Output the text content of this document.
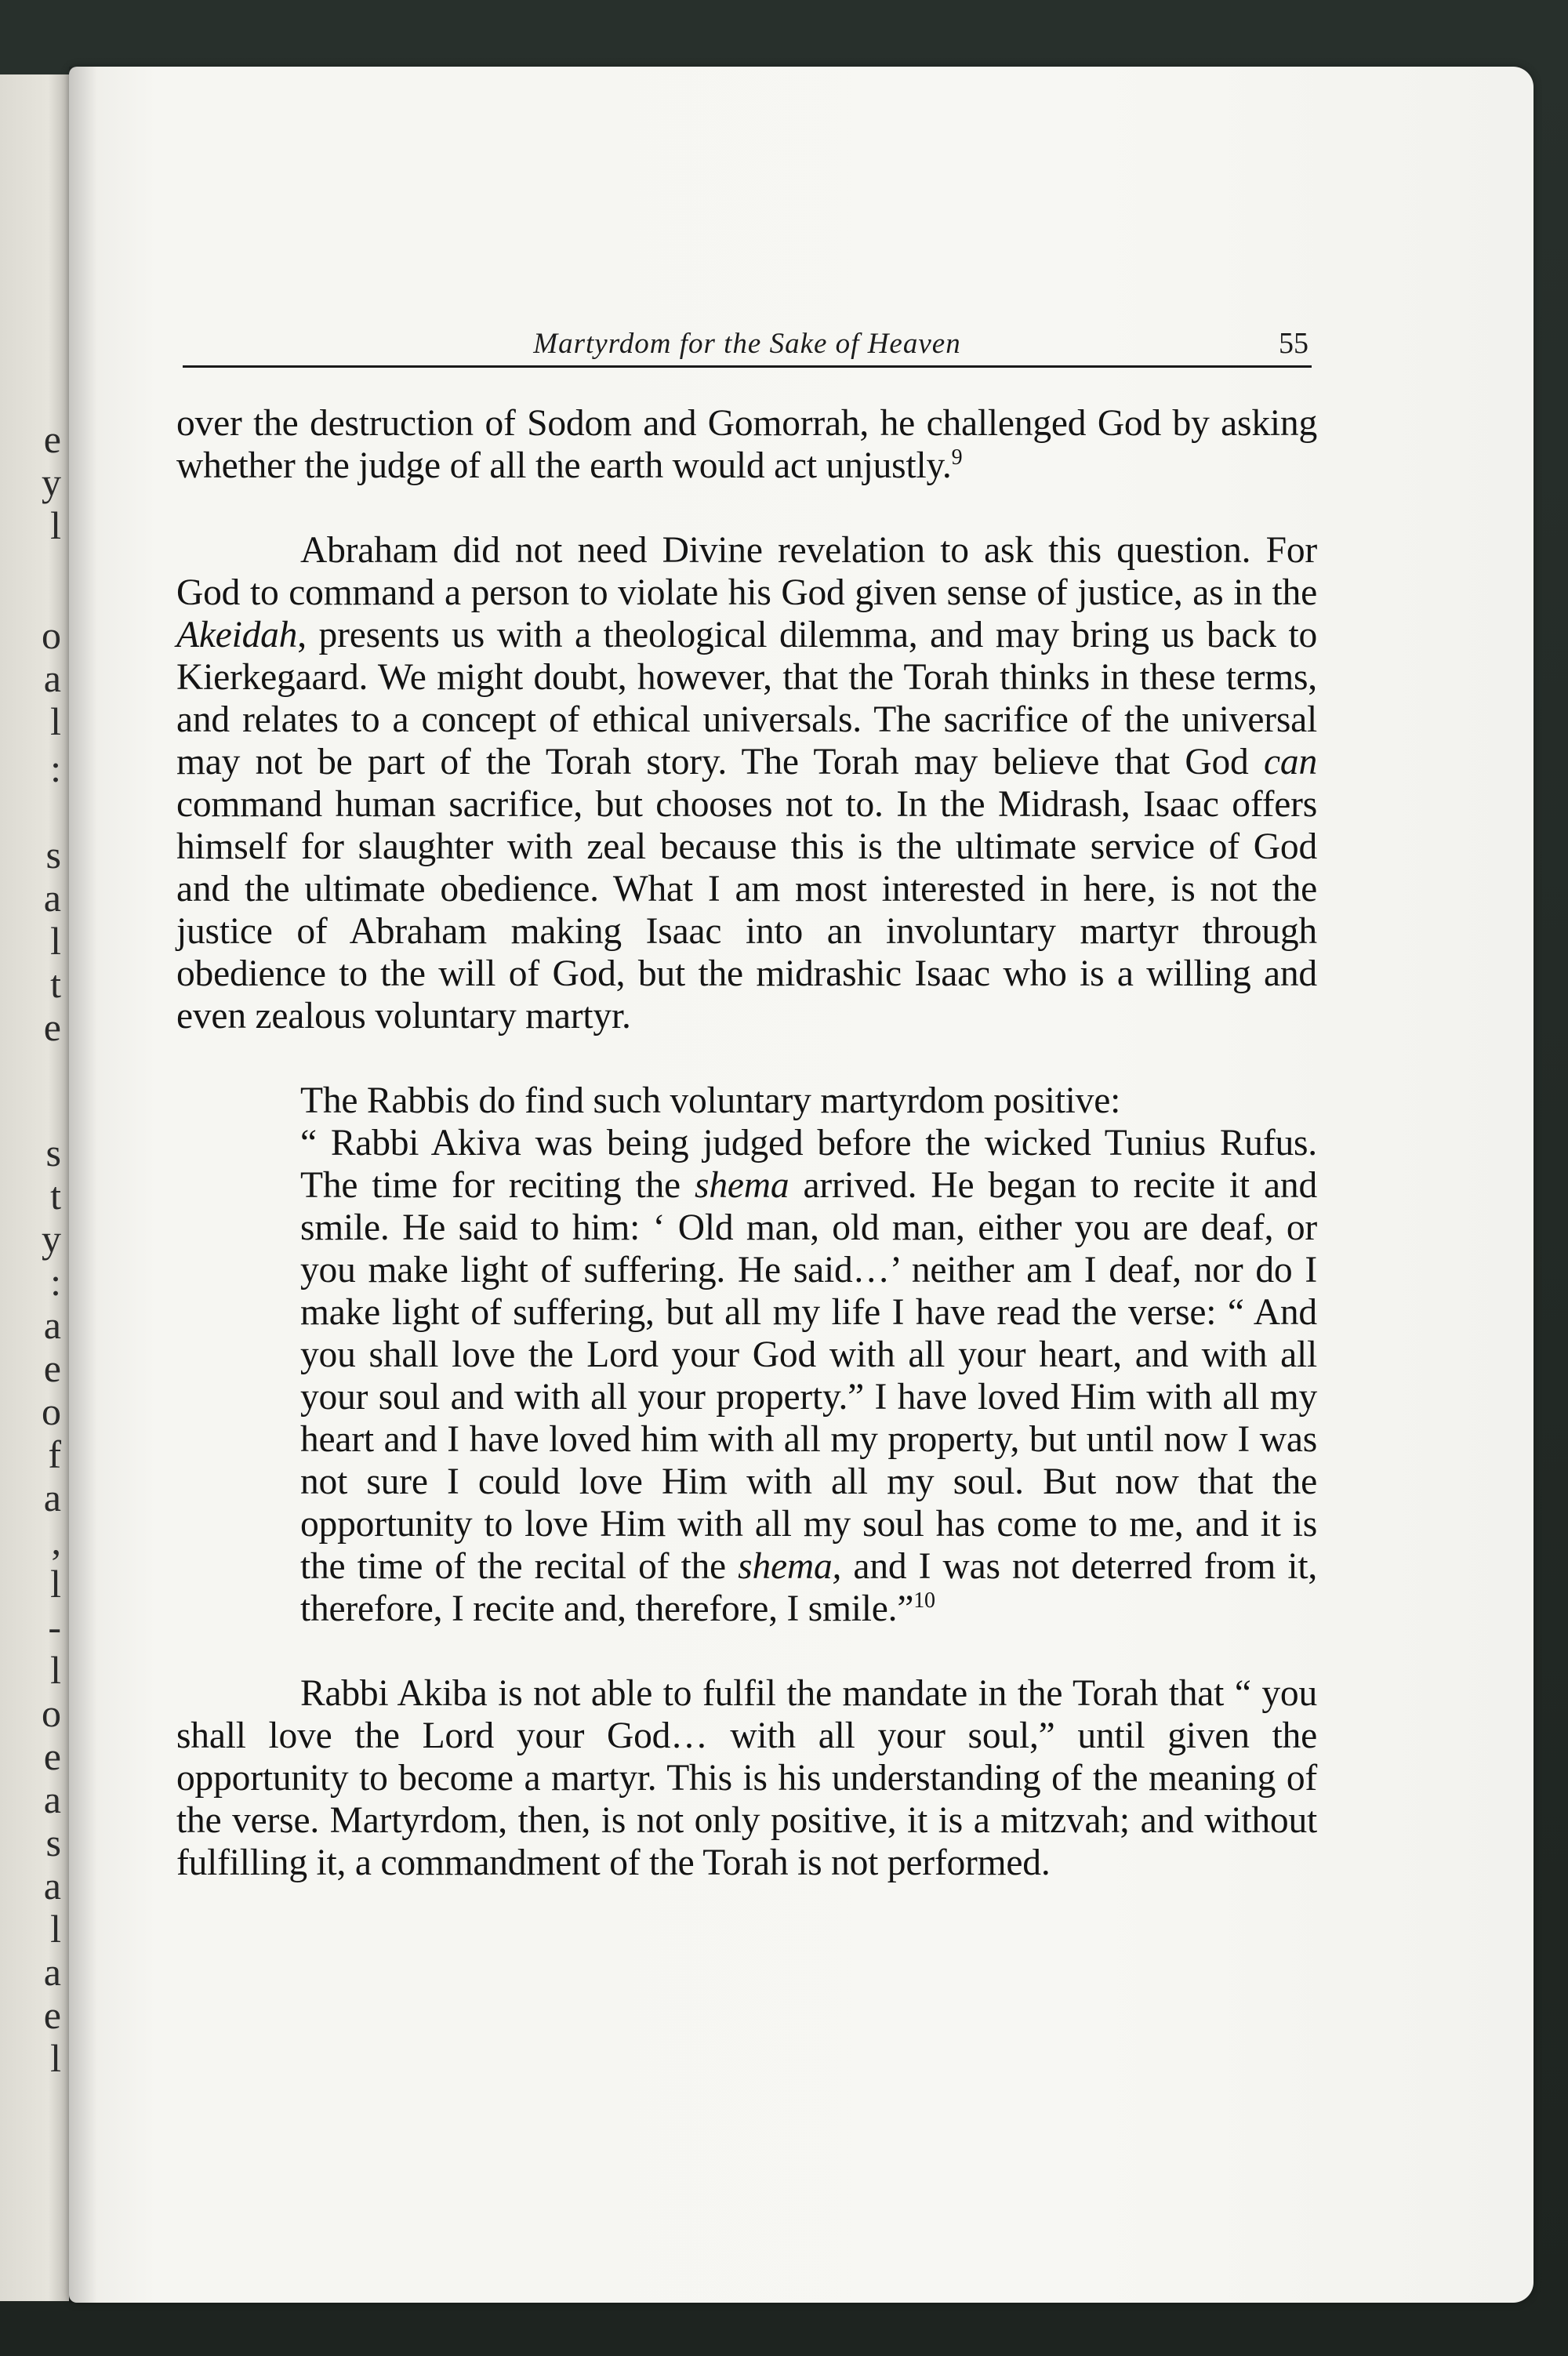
e
y
l
o
a
l
:
s
a
l
t
e
s
t
y
:
a
e
o
f
a
,
l
-
l
o
e
a
s
a
l
a
e
l
Martyrdom for the Sake of Heaven	55

over the destruction of Sodom and Gomorrah, he challenged God by asking whether the judge of all the earth would act unjustly.$^9$

Abraham did not need Divine revelation to ask this question. For God to command a person to violate his God given sense of justice, as in the Akeidah, presents us with a theological dilemma, and may bring us back to Kierkegaard. We might doubt, however, that the Torah thinks in these terms, and relates to a concept of ethical universals. The sacrifice of the universal may not be part of the Torah story. The Torah may believe that God can command human sacrifice, but chooses not to. In the Midrash, Isaac offers himself for slaughter with zeal because this is the ultimate service of God and the ultimate obedience. What I am most interested in here, is not the justice of Abraham making Isaac into an involuntary martyr through obedience to the will of God, but the midrashic Isaac who is a willing and even zealous voluntary martyr.

The Rabbis do find such voluntary martyrdom positive:
“ Rabbi Akiva was being judged before the wicked Tunius Rufus. The time for reciting the shema arrived. He began to recite it and smile. He said to him: ‘ Old man, old man, either you are deaf, or you make light of suffering. He said…’ neither am I deaf, nor do I make light of suffering, but all my life I have read the verse: “ And you shall love the Lord your God with all your heart, and with all your soul and with all your property.” I have loved Him with all my heart and I have loved him with all my property, but until now I was not sure I could love Him with all my soul. But now that the opportunity to love Him with all my soul has come to me, and it is the time of the recital of the shema, and I was not deterred from it, therefore, I recite and, therefore, I smile.”$^{10}$

Rabbi Akiba is not able to fulfil the mandate in the Torah that “ you shall love the Lord your God… with all your soul,” until given the opportunity to become a martyr. This is his understanding of the meaning of the verse. Martyrdom, then, is not only positive, it is a mitzvah; and without fulfilling it, a commandment of the Torah is not performed.
